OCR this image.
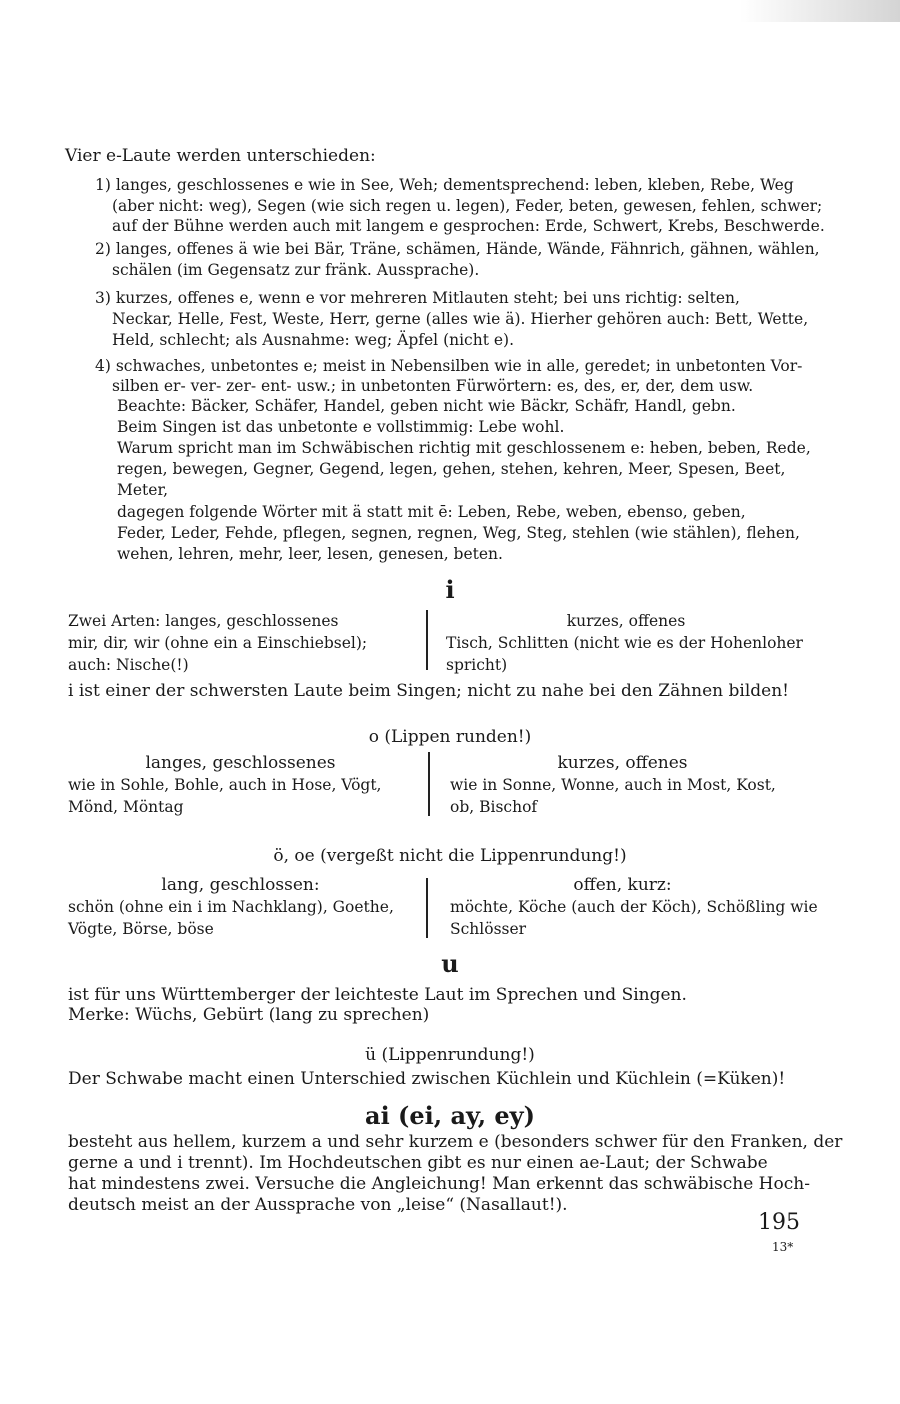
Vier e-Laute werden unterschieden:
1) langes, geschlossenes e wie in See, Weh; dementsprechend: leben, kleben, Rebe, Weg
(aber nicht: weg), Segen (wie sich regen u. legen), Feder, beten, gewesen, fehlen, schwer;
auf der Bühne werden auch mit langem e gesprochen: Erde, Schwert, Krebs, Beschwerde.
2) langes, offenes ä wie bei Bär, Träne, schämen, Hände, Wände, Fähnrich, gähnen, wählen,
schälen (im Gegensatz zur fränk. Aussprache).
3) kurzes, offenes e, wenn e vor mehreren Mitlauten steht; bei uns richtig: selten,
Neckar, Helle, Fest, Weste, Herr, gerne (alles wie ä). Hierher gehören auch: Bett, Wette,
Held, schlecht; als Ausnahme: weg; Äpfel (nicht e).
4) schwaches, unbetontes e; meist in Nebensilben wie in alle, geredet; in unbetonten Vor-
silben er- ver- zer- ent- usw.; in unbetonten Fürwörtern: es, des, er, der, dem usw.
Beachte: Bäcker, Schäfer, Handel, geben nicht wie Bäckr, Schäfr, Handl, gebn.
Beim Singen ist das unbetonte e vollstimmig: Lebe wohl.
Warum spricht man im Schwäbischen richtig mit geschlossenem e: heben, beben, Rede,
regen, bewegen, Gegner, Gegend, legen, gehen, stehen, kehren, Meer, Spesen, Beet,
Meter,
dagegen folgende Wörter mit ä statt mit ē: Leben, Rebe, weben, ebenso, geben,
Feder, Leder, Fehde, pflegen, segnen, regnen, Weg, Steg, stehlen (wie stählen), flehen,
wehen, lehren, mehr, leer, lesen, genesen, beten.
i
Zwei Arten: langes, geschlossenes
mir, dir, wir (ohne ein a Einschiebsel);
auch: Nische(!)
kurzes, offenes
Tisch, Schlitten (nicht wie es der Hohenloher
spricht)
i ist einer der schwersten Laute beim Singen; nicht zu nahe bei den Zähnen bilden!
o (Lippen runden!)
langes, geschlossenes
wie in Sohle, Bohle, auch in Hose, Vögt,
Mönd, Möntag
kurzes, offenes
wie in Sonne, Wonne, auch in Most, Kost,
ob, Bischof
ö, oe (vergeßt nicht die Lippenrundung!)
lang, geschlossen:
schön (ohne ein i im Nachklang), Goethe,
Vögte, Börse, böse
offen, kurz:
möchte, Köche (auch der Köch), Schößling wie
Schlösser
u
ist für uns Württemberger der leichteste Laut im Sprechen und Singen.
Merke: Wüchs, Gebürt (lang zu sprechen)
ü (Lippenrundung!)
Der Schwabe macht einen Unterschied zwischen Küchlein und Küchlein (=Küken)!
ai (ei, ay, ey)
besteht aus hellem, kurzem a und sehr kurzem e (besonders schwer für den Franken, der
gerne a und i trennt). Im Hochdeutschen gibt es nur einen ae-Laut; der Schwabe
hat mindestens zwei. Versuche die Angleichung! Man erkennt das schwäbische Hoch-
deutsch meist an der Aussprache von „leise“ (Nasallaut!).
195
13*
